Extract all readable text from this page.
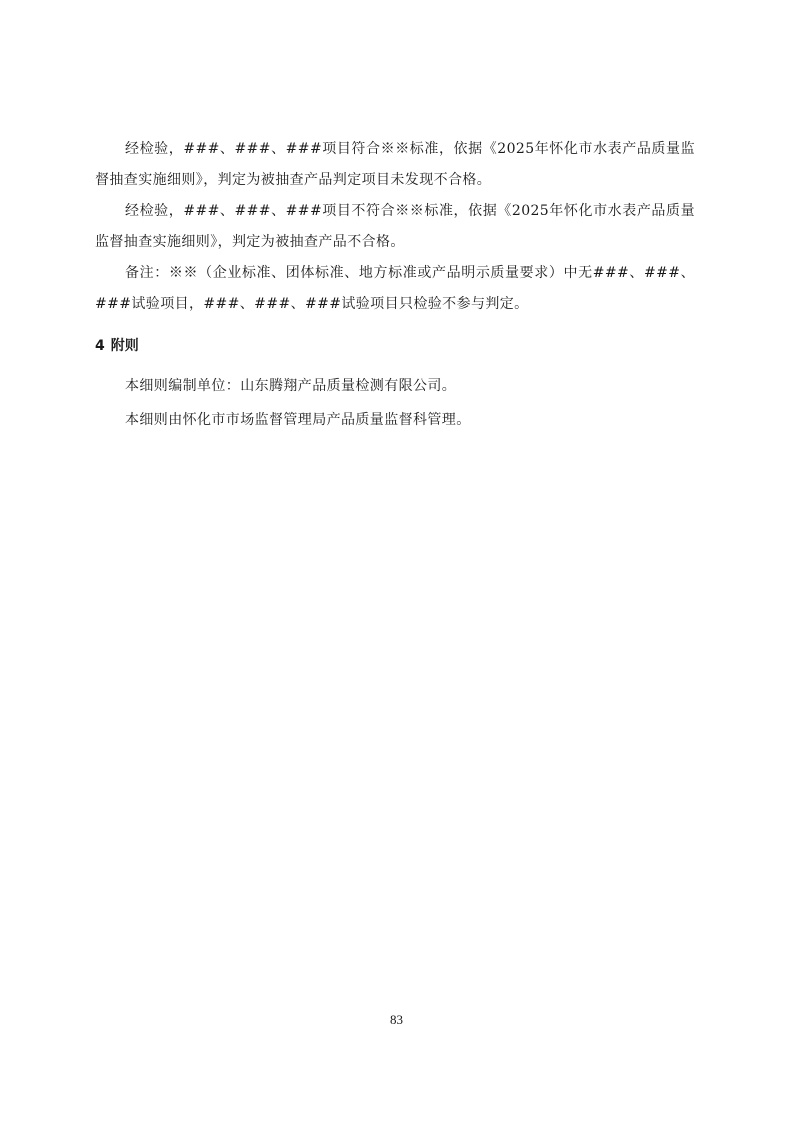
经检验，###、###、###项目符合※※标准，依据《2025年怀化市水表产品质量监督抽查实施细则》，判定为被抽查产品判定项目未发现不合格。

经检验，###、###、###项目不符合※※标准，依据《2025年怀化市水表产品质量监督抽查实施细则》，判定为被抽查产品不合格。

备注：※※（企业标准、团体标准、地方标准或产品明示质量要求）中无###、###、###试验项目，###、###、###试验项目只检验不参与判定。

4 附则

本细则编制单位：山东腾翔产品质量检测有限公司。

本细则由怀化市市场监督管理局产品质量监督科管理。

83
